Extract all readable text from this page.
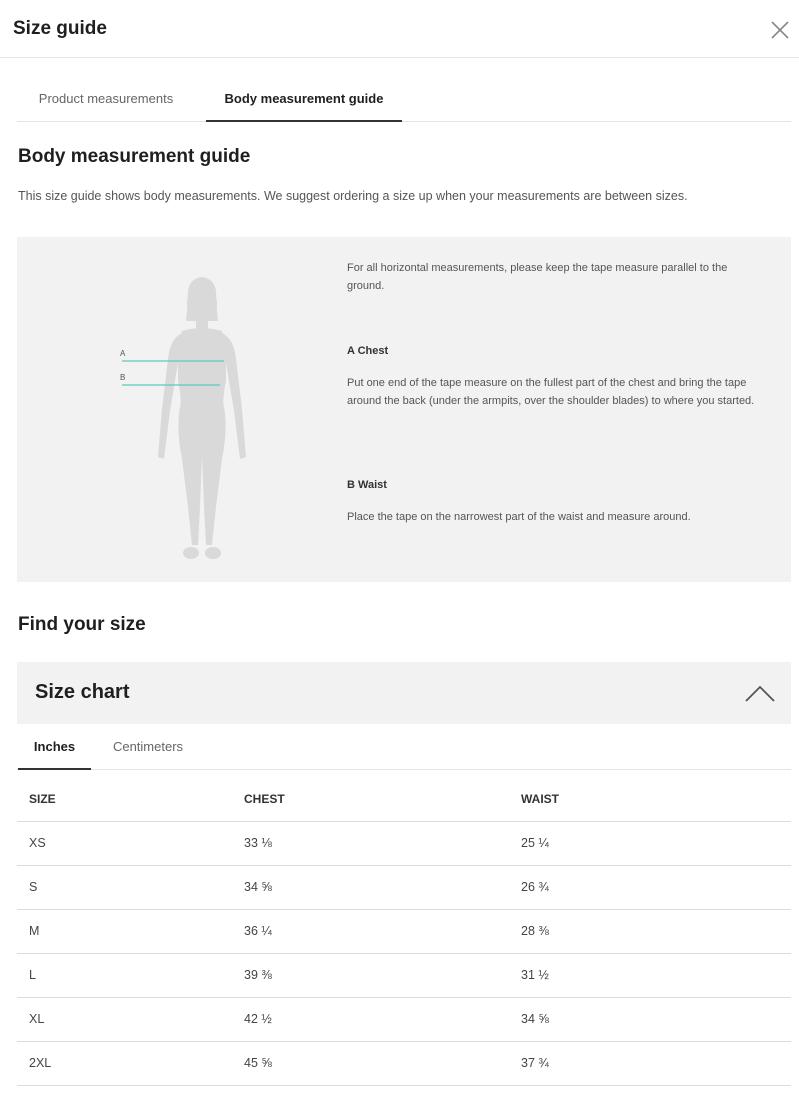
Size guide
Product measurements	Body measurement guide
Body measurement guide
This size guide shows body measurements. We suggest ordering a size up when your measurements are between sizes.
A
B
For all horizontal measurements, please keep the tape measure parallel to the ground.
A Chest
Put one end of the tape measure on the fullest part of the chest and bring the tape around the back (under the armpits, over the shoulder blades) to where you started.
B Waist
Place the tape on the narrowest part of the waist and measure around.
Find your size
Size chart
Inches	Centimeters
SIZE	CHEST	WAIST
XS	33 ⅛	25 ¼
S	34 ⅝	26 ¾
M	36 ¼	28 ⅜
L	39 ⅜	31 ½
XL	42 ½	34 ⅝
2XL	45 ⅝	37 ¾
